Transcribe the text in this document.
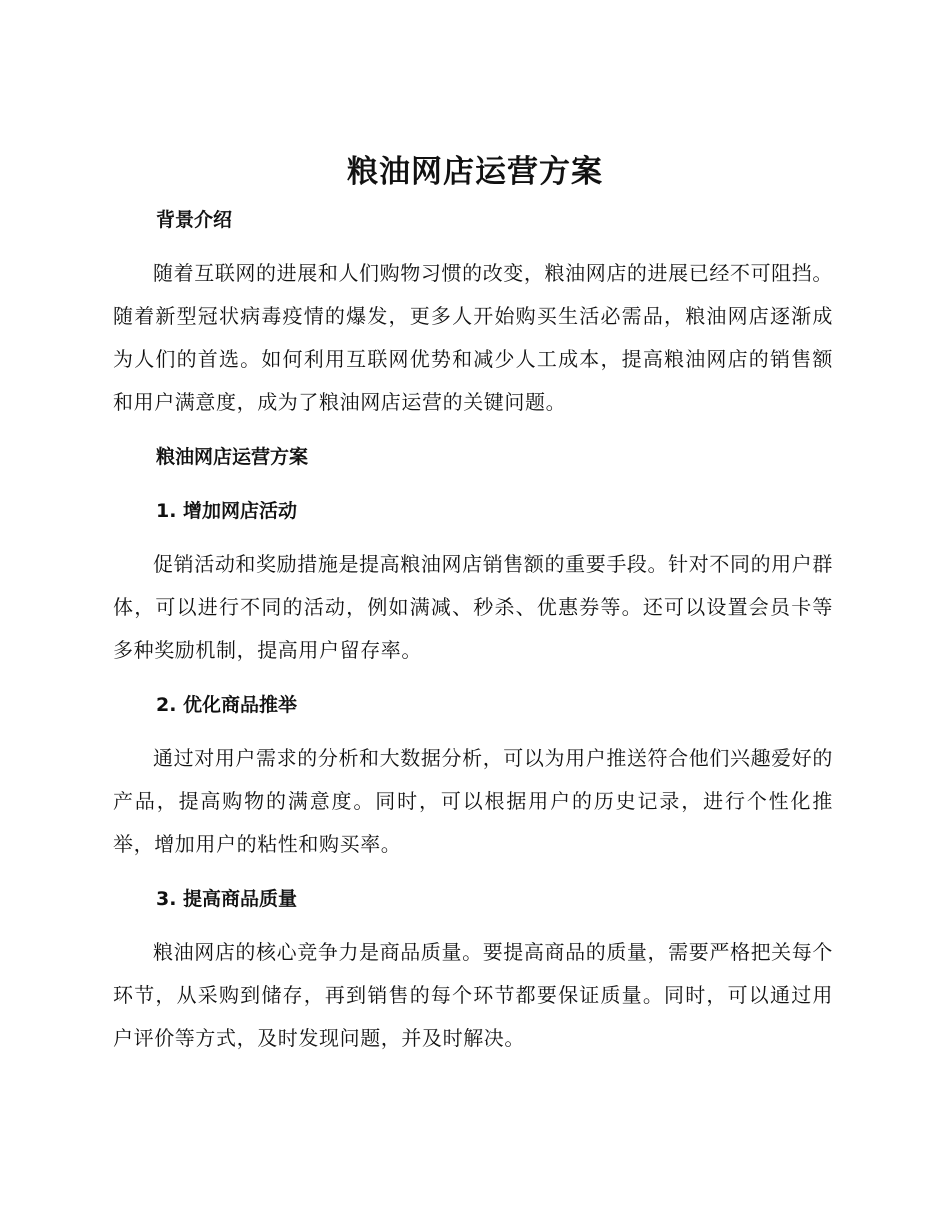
粮油网店运营方案
背景介绍

随着互联网的进展和人们购物习惯的改变，粮油网店的进展已经不可阻挡。随着新型冠状病毒疫情的爆发，更多人开始购买生活必需品，粮油网店逐渐成为人们的首选。如何利用互联网优势和减少人工成本，提高粮油网店的销售额和用户满意度，成为了粮油网店运营的关键问题。

粮油网店运营方案
1. 增加网店活动

促销活动和奖励措施是提高粮油网店销售额的重要手段。针对不同的用户群体，可以进行不同的活动，例如满减、秒杀、优惠券等。还可以设置会员卡等多种奖励机制，提高用户留存率。

2. 优化商品推举

通过对用户需求的分析和大数据分析，可以为用户推送符合他们兴趣爱好的产品，提高购物的满意度。同时，可以根据用户的历史记录，进行个性化推举，增加用户的粘性和购买率。

3. 提高商品质量

粮油网店的核心竞争力是商品质量。要提高商品的质量，需要严格把关每个环节，从采购到储存，再到销售的每个环节都要保证质量。同时，可以通过用户评价等方式，及时发现问题，并及时解决。
